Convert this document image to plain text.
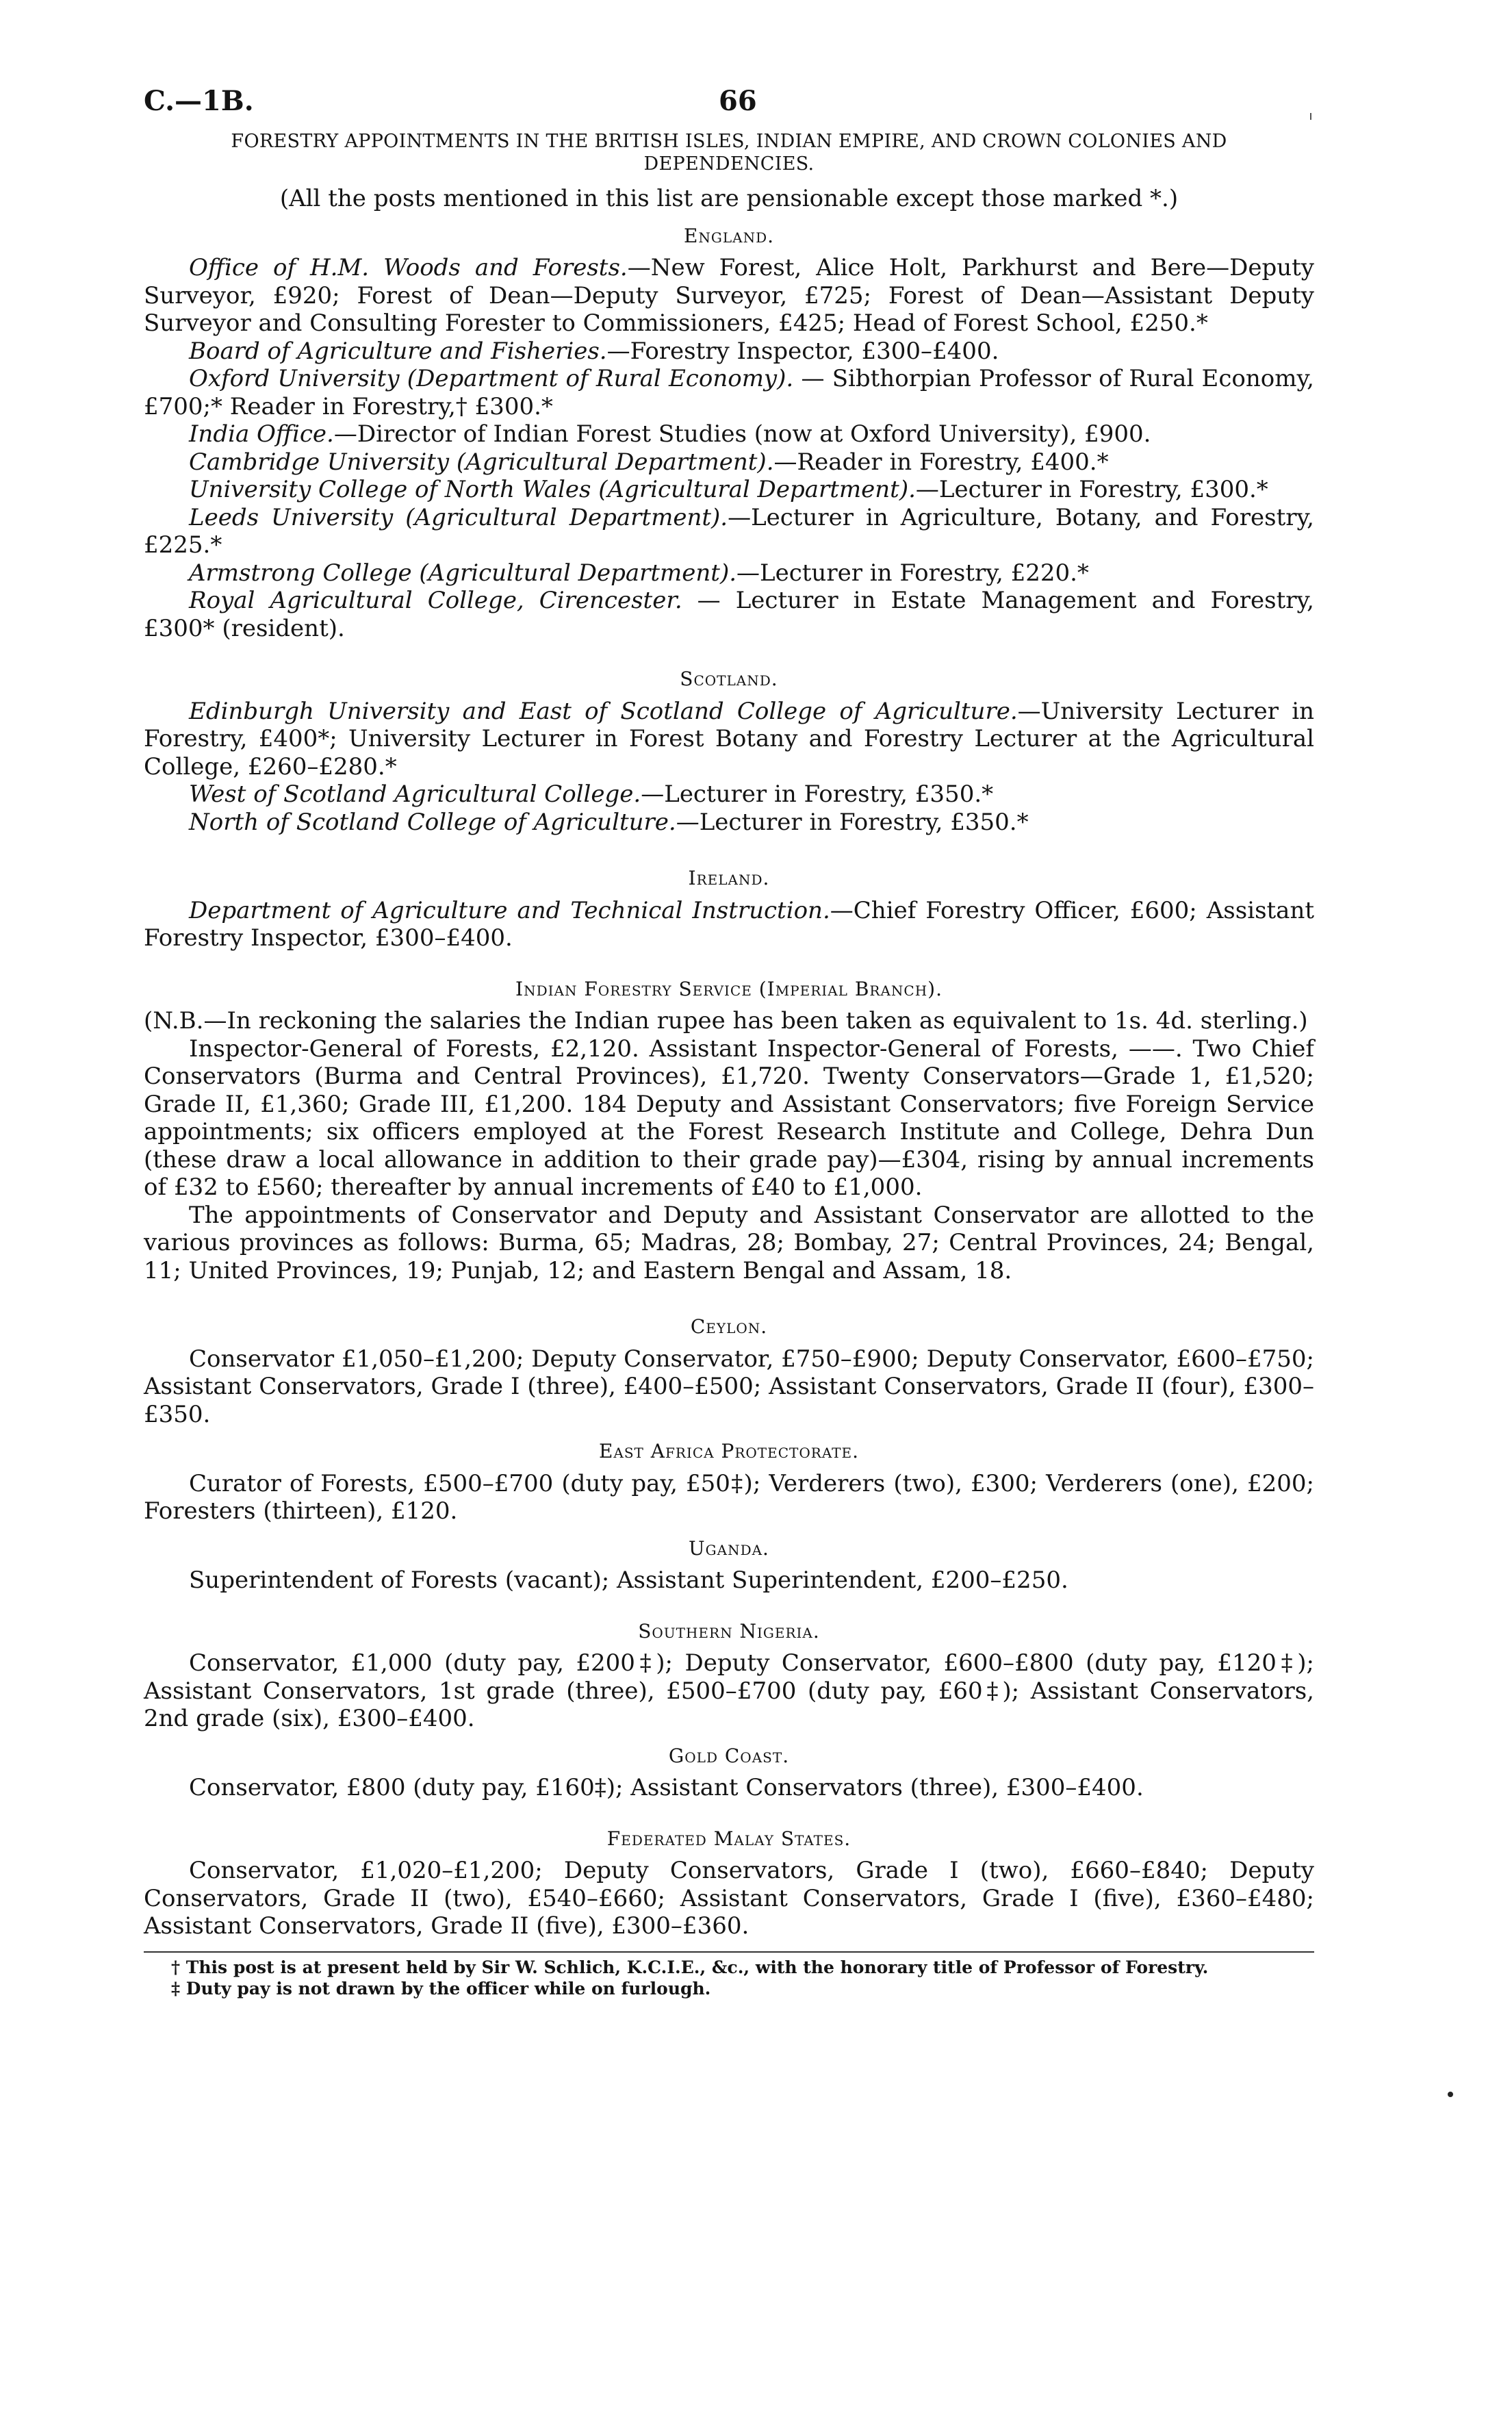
C.—1B.	66
FORESTRY APPOINTMENTS IN THE BRITISH ISLES, INDIAN EMPIRE, AND CROWN COLONIES AND DEPENDENCIES.
(All the posts mentioned in this list are pensionable except those marked *.)
England.

Office of H.M. Woods and Forests.—New Forest, Alice Holt, Parkhurst and Bere—Deputy Surveyor, £920; Forest of Dean—Deputy Surveyor, £725; Forest of Dean—Assistant Deputy Surveyor and Consulting Forester to Commissioners, £425; Head of Forest School, £250.*

Board of Agriculture and Fisheries.—Forestry Inspector, £300–£400.

Oxford University (Department of Rural Economy). — Sibthorpian Professor of Rural Economy, £700;* Reader in Forestry,† £300.*

India Office.—Director of Indian Forest Studies (now at Oxford University), £900.

Cambridge University (Agricultural Department).—Reader in Forestry, £400.*

University College of North Wales (Agricultural Department).—Lecturer in Forestry, £300.*

Leeds University (Agricultural Department).—Lecturer in Agriculture, Botany, and Forestry, £225.*

Armstrong College (Agricultural Department).—Lecturer in Forestry, £220.*

Royal Agricultural College, Cirencester. — Lecturer in Estate Management and Forestry, £300* (resident).

Scotland.

Edinburgh University and East of Scotland College of Agriculture.—University Lecturer in Forestry, £400*; University Lecturer in Forest Botany and Forestry Lecturer at the Agricultural College, £260–£280.*

West of Scotland Agricultural College.—Lecturer in Forestry, £350.*

North of Scotland College of Agriculture.—Lecturer in Forestry, £350.*

Ireland.

Department of Agriculture and Technical Instruction.—Chief Forestry Officer, £600; Assistant Forestry Inspector, £300–£400.

Indian Forestry Service (Imperial Branch).

(N.B.—In reckoning the salaries the Indian rupee has been taken as equivalent to 1s. 4d. sterling.)

Inspector-General of Forests, £2,120. Assistant Inspector-General of Forests, ——. Two Chief Conservators (Burma and Central Provinces), £1,720. Twenty Conservators—Grade 1, £1,520; Grade II, £1,360; Grade III, £1,200. 184 Deputy and Assistant Conservators; five Foreign Service appointments; six officers employed at the Forest Research Institute and College, Dehra Dun (these draw a local allowance in addition to their grade pay)—£304, rising by annual increments of £32 to £560; thereafter by annual increments of £40 to £1,000.

The appointments of Conservator and Deputy and Assistant Conservator are allotted to the various provinces as follows: Burma, 65; Madras, 28; Bombay, 27; Central Provinces, 24; Bengal, 11; United Provinces, 19; Punjab, 12; and Eastern Bengal and Assam, 18.

Ceylon.

Conservator £1,050–£1,200; Deputy Conservator, £750–£900; Deputy Conservator, £600–£750; Assistant Conservators, Grade I (three), £400–£500; Assistant Conservators, Grade II (four), £300–£350.

East Africa Protectorate.

Curator of Forests, £500–£700 (duty pay, £50‡); Verderers (two), £300; Verderers (one), £200; Foresters (thirteen), £120.

Uganda.

Superintendent of Forests (vacant); Assistant Superintendent, £200–£250.

Southern Nigeria.

Conservator, £1,000 (duty pay, £200‡); Deputy Conservator, £600–£800 (duty pay, £120‡); Assistant Conservators, 1st grade (three), £500–£700 (duty pay, £60‡); Assistant Conservators, 2nd grade (six), £300–£400.

Gold Coast.

Conservator, £800 (duty pay, £160‡); Assistant Conservators (three), £300–£400.

Federated Malay States.

Conservator, £1,020–£1,200; Deputy Conservators, Grade I (two), £660–£840; Deputy Conservators, Grade II (two), £540–£660; Assistant Conservators, Grade I (five), £360–£480; Assistant Conservators, Grade II (five), £300–£360.

† This post is at present held by Sir W. Schlich, K.C.I.E., &c., with the honorary title of Professor of Forestry.

‡ Duty pay is not drawn by the officer while on furlough.
